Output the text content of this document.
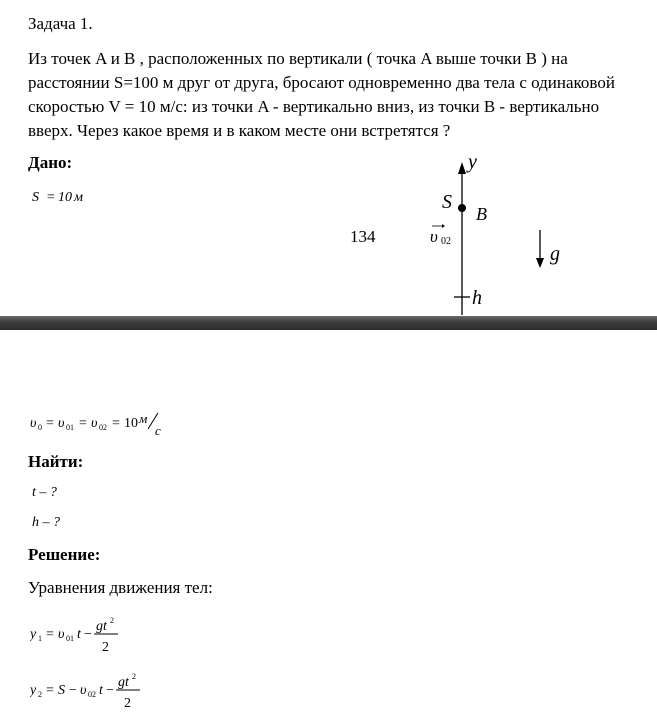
Задача 1.
Из точек A и B , расположенных по вертикали ( точка A выше точки B ) на расстоянии S=100 м друг от друга, бросают одновременно два тела с одинаковой скоростью V = 10 м/с: из точки A - вертикально вниз, из точки B - вертикально вверх. Через какое время и в каком месте они встретятся ?
Дано:
S = 10 м
134
y
S
B
υ 02
h
g
υ 0 = υ 01 = υ 02 = 10 м
с
Найти:
t – ?
h – ?
Решение:
Уравнения движения тел:
y 1 = υ 01 t −
gt 2
2
y 2 = S − υ 02 t −
gt 2
2
